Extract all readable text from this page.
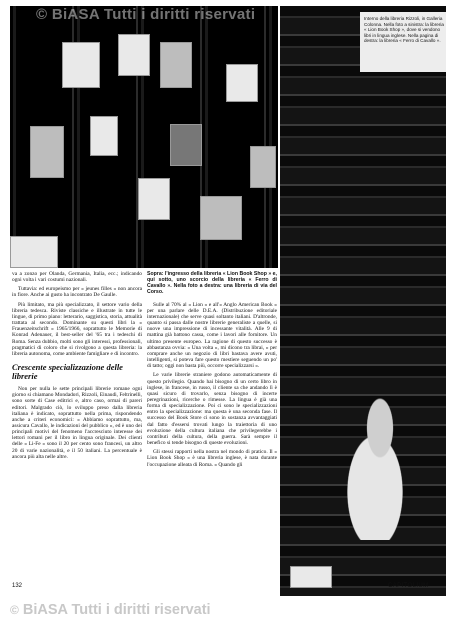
Interno della libreria Rizzoli, in Galleria Colonna. Nella foto a sinistra: la libreria « Lion Book Shop », dove si vendono libri in lingua inglese. Nella pagina di destra: la libreria « Ferro di Cavallo ».
© BiASA Tutti i diritti riservati

va a zonzo per Olanda, Germania, Italia, ecc.; indicando ogni volta i vari costumi nazionali.

Tuttavia: ed europeismo per « jeunes filles » non ancora in fiore. Anche ai gusto ha incontrato De Gaulle.

Più limitato, ma più specializzato, il settore vario della libreria tedesca. Riviste classiche e illustrate in tutte le lingue, di primo piano: letterario, saggistica, storia, attualità trattata al secondo. Dominante su questi libri la « Frauenzeitschrift » 1965/1966, soprattutto le Memorie di Konrad Adenauer, il best-seller del '65 tra i tedeschi di Roma. Senza dubbio, molti sono gli interessi, professionali, pragmatici di coloro che si rivolgono a questa libreria: la libreria autonoma, come ambiente famigliare e di incontro.

Crescente specializzazione delle librerie

Non per nulla le sette principali librerie romane ogni giorno si chiamano Mondadori, Rizzoli, Einaudi, Feltrinelli, sono sorte di Case editrici e, altro caso, ormai di pareri editori. Malgrado ciò, lo sviluppo preso dalla libreria italiana è indicato, soprattutto nella prima, rispondendo anche a criteri economici: « Abbiamo soprattutto, ma, assicura Cavallo, le indicazioni del pubblico », ed è uno dei principali motivi del fenomeno l'accresciuto interesse dei lettori romani per il libro in lingua originale. Dei clienti delle « Li-Fe » sono il 20 per cento sono francesi, un altro 20 di varie nazionalità, e il 50 italiani. La percentuale è ancora più alta nelle altre.

Sopra: l'ingresso della libreria « Lion Book Shop » e, qui sotto, uno scorcio della libreria « Ferro di Cavallo ». Nella foto a destra: una libreria di via del Corso.

Sulle al 70% al « Lion » e all'« Anglo American Book » per una parlare delle D.E.A. (Distribuzione editoriale internazionale) che serve quasi soltanto italiani. D'altronde, quanto si passa dalle nostre librerie generaliste a quelle, si nuove una impressione di incessante vitalità. Alle 9 di mattina già battono cassa, come i lavori alle fornitore. Un ultimo presente europeo. La ragione di questo successo è abbastanza ovvia: « Una volta », mi dicono tra librai, « per comprare anche un negozio di libri bastava avere avuti, intelligenti, si poteva fare questo mestiere seguendo un po' di tatto; oggi non basta più, occorre specializzarsi ».

Le varie librerie straniere godono automaticamente di questo privilegio. Quando hai bisogno di un certo libro in inglese, in francese, in russo, il cliente sa che andando lì è quasi sicuro di trovarlo, senza bisogno di incerte peregrinazioni, ricerche o rimesse. La lingua è già una forma di specializzazione. Poi ci sono le specializzazioni entro la specializzazione: ma questa è una seconda fase. Il successo del Book Store ci sono in sostanza avvantaggiati dal fatto d'essersi trovati lungo la traiettoria di uno evoluzione della cultura italiana che privilegerebbe i contributi della cultura, della guerra. Sarà sempre il benefico si tende bisogno di queste evoluzioni.

Gli stessi rapporti nella nostra nel mondo di pratico. Il « Lion Book Shop » è una libreria inglese, è nata durante l'occupazione alleata di Roma. « Quando gli

132	CAPITOLIUM
© BiASA Tutti i diritti riservati
